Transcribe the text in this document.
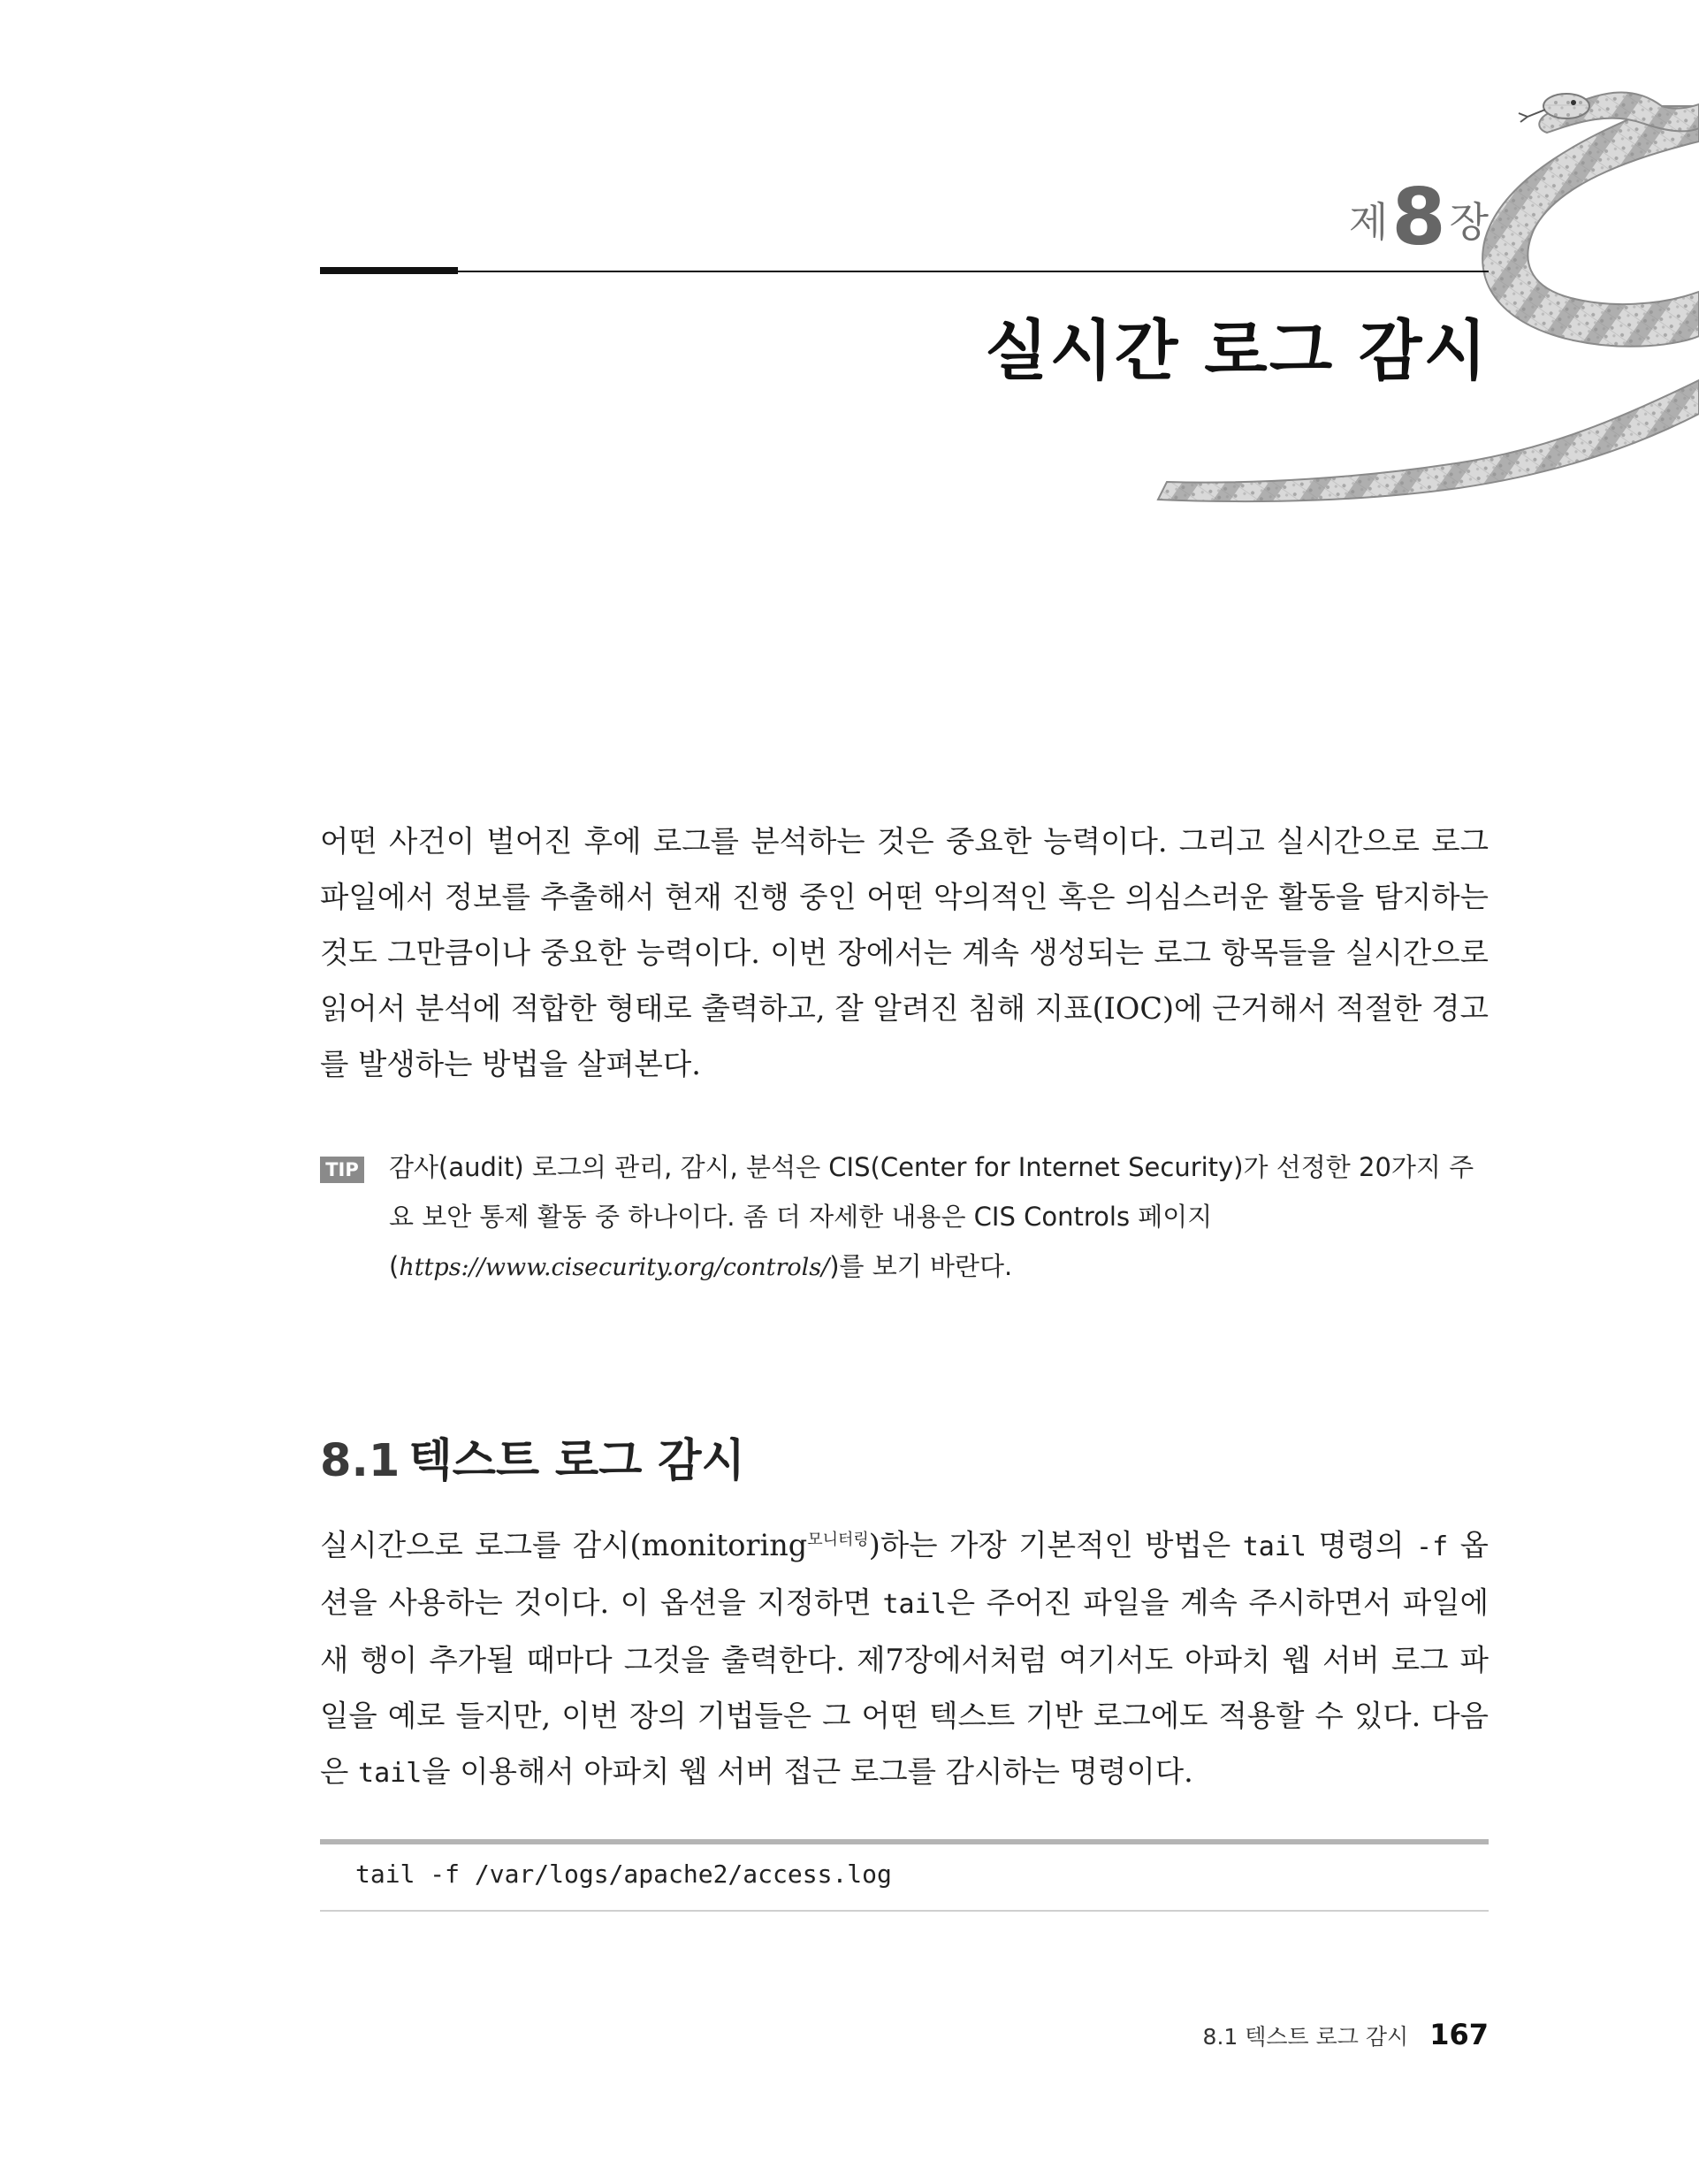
제 8 장
실시간 로그 감시

어떤 사건이 벌어진 후에 로그를 분석하는 것은 중요한 능력이다. 그리고 실시간으로 로그 파일에서 정보를 추출해서 현재 진행 중인 어떤 악의적인 혹은 의심스러운 활동을 탐지하는 것도 그만큼이나 중요한 능력이다. 이번 장에서는 계속 생성되는 로그 항목들을 실시간으로 읽어서 분석에 적합한 형태로 출력하고, 잘 알려진 침해 지표(IOC)에 근거해서 적절한 경고를 발생하는 방법을 살펴본다.

TIP 감사(audit) 로그의 관리, 감시, 분석은 CIS(Center for Internet Security)가 선정한 20가지 주요 보안 통제 활동 중 하나이다. 좀 더 자세한 내용은 CIS Controls 페이지(https://www.cisecurity.org/controls/)를 보기 바란다.

8.1 텍스트 로그 감시

실시간으로 로그를 감시(monitoring$^{모니터링}$)하는 가장 기본적인 방법은 tail 명령의 -f 옵션을 사용하는 것이다. 이 옵션을 지정하면 tail은 주어진 파일을 계속 주시하면서 파일에 새 행이 추가될 때마다 그것을 출력한다. 제7장에서처럼 여기서도 아파치 웹 서버 로그 파일을 예로 들지만, 이번 장의 기법들은 그 어떤 텍스트 기반 로그에도 적용할 수 있다. 다음은 tail을 이용해서 아파치 웹 서버 접근 로그를 감시하는 명령이다.

tail -f /var/logs/apache2/access.log
8.1 텍스트 로그 감시 167
